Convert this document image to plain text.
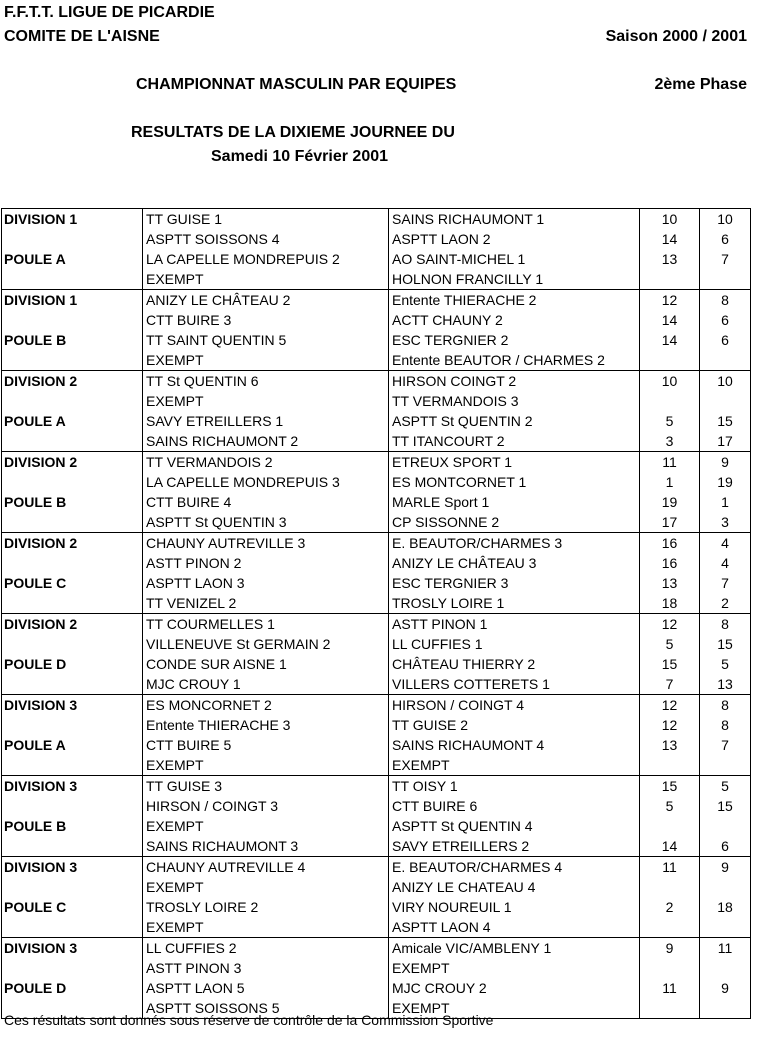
F.F.T.T. LIGUE DE PICARDIE
COMITE DE L'AISNE	Saison 2000 / 2001
CHAMPIONNAT MASCULIN PAR EQUIPES	2ème Phase
RESULTATS DE LA DIXIEME JOURNEE DU
Samedi 10 Février 2001
DIVISION 1	TT GUISE 1	SAINS RICHAUMONT 1	10	10
	ASPTT SOISSONS 4	ASPTT LAON 2	14	6
POULE A	LA CAPELLE MONDREPUIS 2	AO SAINT-MICHEL 1	13	7
	EXEMPT	HOLNON FRANCILLY 1		
DIVISION 1	ANIZY LE CHÂTEAU 2	Entente THIERACHE 2	12	8
	CTT BUIRE 3	ACTT CHAUNY 2	14	6
POULE B	TT SAINT QUENTIN 5	ESC TERGNIER 2	14	6
	EXEMPT	Entente BEAUTOR / CHARMES 2		
DIVISION 2	TT St QUENTIN 6	HIRSON COINGT 2	10	10
	EXEMPT	TT VERMANDOIS 3		
POULE A	SAVY ETREILLERS 1	ASPTT St QUENTIN 2	5	15
	SAINS RICHAUMONT 2	TT ITANCOURT 2	3	17
DIVISION 2	TT VERMANDOIS 2	ETREUX SPORT 1	11	9
	LA CAPELLE MONDREPUIS 3	ES MONTCORNET 1	1	19
POULE B	CTT BUIRE 4	MARLE Sport 1	19	1
	ASPTT St QUENTIN 3	CP SISSONNE 2	17	3
DIVISION 2	CHAUNY AUTREVILLE 3	E. BEAUTOR/CHARMES 3	16	4
	ASTT PINON 2	ANIZY LE CHÂTEAU 3	16	4
POULE C	ASPTT LAON 3	ESC TERGNIER 3	13	7
	TT VENIZEL 2	TROSLY LOIRE 1	18	2
DIVISION 2	TT COURMELLES 1	ASTT PINON 1	12	8
	VILLENEUVE St GERMAIN 2	LL CUFFIES 1	5	15
POULE D	CONDE SUR AISNE 1	CHÂTEAU THIERRY 2	15	5
	MJC CROUY 1	VILLERS COTTERETS 1	7	13
DIVISION 3	ES MONCORNET 2	HIRSON / COINGT 4	12	8
	Entente THIERACHE 3	TT GUISE 2	12	8
POULE A	CTT BUIRE 5	SAINS RICHAUMONT 4	13	7
	EXEMPT	EXEMPT		
DIVISION 3	TT GUISE 3	TT OISY 1	15	5
	HIRSON / COINGT 3	CTT BUIRE 6	5	15
POULE B	EXEMPT	ASPTT St QUENTIN 4		
	SAINS RICHAUMONT 3	SAVY ETREILLERS 2	14	6
DIVISION 3	CHAUNY AUTREVILLE 4	E. BEAUTOR/CHARMES 4	11	9
	EXEMPT	ANIZY LE CHATEAU 4		
POULE C	TROSLY LOIRE 2	VIRY NOUREUIL 1	2	18
	EXEMPT	ASPTT LAON 4		
DIVISION 3	LL CUFFIES 2	Amicale VIC/AMBLENY 1	9	11
	ASTT PINON 3	EXEMPT		
POULE D	ASPTT LAON 5	MJC CROUY 2	11	9
	ASPTT SOISSONS 5	EXEMPT		
Ces résultats sont donnés sous réserve de contrôle de la Commission Sportive
